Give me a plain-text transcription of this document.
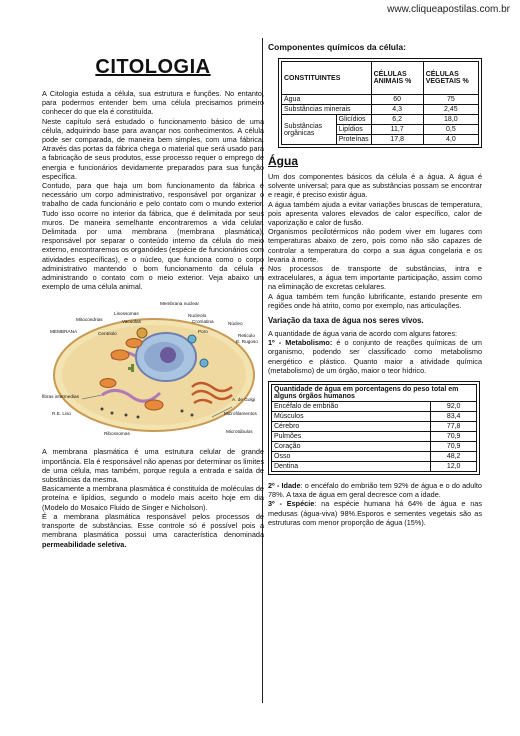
www.cliqueapostilas.com.br
CITOLOGIA

A Citologia estuda a célula, sua estrutura e funções. No entanto, para podermos entender bem uma célula precisamos primeiro conhecer do que ela é constituída.

Neste capítulo será estudado o funcionamento básico de uma célula, adquirindo base para avançar nos conhecimentos. A célula pode ser comparada, de maneira bem simples, com uma fábrica. Através das portas da fábrica chega o material que será usado para a fabricação de seus produtos, esse processo requer o emprego de energia e funcionários devidamente preparados para sua função específica.

Contudo, para que haja um bom funcionamento da fábrica é necessário um corpo administrativo, responsável por organizar o trabalho de cada funcionário e pelo contato com o mundo exterior. Tudo isso ocorre no interior da fábrica, que é delimitada por seus muros. De maneira semelhante encontraremos a vida celular. Delimitada por uma membrana (membrana plasmática), responsável por separar o conteúdo interno da célula do meio externo, encontraremos os organóides (espécie de funcionários com atividades específicas), e o núcleo, que funciona como o corpo administrativo mantendo o bom funcionamento da célula e administrando o contato com o meio exterior. Veja abaixo um exemplo de uma célula animal.

Membrana nuclear
Lisossomas	Nucleolo
Cromatina
Mitocondrias	Vacuolas	Núcleo
MEMBRANA	Centriolo	Poro
Reticulo
E. Rugoso
fibras intermedias
A. de Golgi
R.E. Liso	Microfilamentos
Ribossomas	Microtúbulos

A membrana plasmática é uma estrutura celular de grande importância. Ela é responsável não apenas por determinar os limites de uma célula, mas também, porque regula a entrada e saída de substâncias da mesma.

Basicamente a membrana plasmática é constituída de moléculas de proteína e lipídios, segundo o modelo mais aceito hoje em dia (Modelo do Mosaico Fluido de Singer e Nicholson).

É a membrana plasmática responsável pelos processos de transporte de substâncias. Esse controle só é possível pois a membrana plasmática possui uma característica denominada permeabilidade seletiva.

Componentes químicos da célula:
CONSTITUINTES		CÉLULAS ANIMAIS %	CÉLULAS VEGETAIS %
Água		60	75
Substâncias minerais		4,3	2,45
Substâncias orgânicas	Glicídios	6,2	18,0
	Lipídios	11,7	0,5
	Proteínas	17,8	4,0
Água

Um dos componentes básicos da célula é a água. A água é solvente universal; para que as substâncias possam se encontrar e reagir, é preciso existir água.

A água também ajuda a evitar variações bruscas de temperatura, pois apresenta valores elevados de calor específico, calor de vaporização e calor de fusão.

Organismos pecilotérmicos não podem viver em lugares com temperaturas abaixo de zero, pois como não são capazes de controlar a temperatura do corpo a sua água congelaria e os levaria à morte.

Nos processos de transporte de substâncias, intra e extracelulares, a água tem importante participação, assim como na eliminação de excretas celulares.

A água também tem função lubrificante, estando presente em regiões onde há atrito, como por exemplo, nas articulações.

Variação da taxa de água nos seres vivos.

A quantidade de água varia de acordo com alguns fatores:

1º - Metabolismo: é o conjunto de reações químicas de um organismo, podendo ser classificado como metabolismo energético e plástico. Quanto maior a atividade química (metabolismo) de um órgão, maior o teor hídrico.

Quantidade de água em porcentagens do peso total em alguns órgãos humanos	
Encéfalo de embrião	92,0
Músculos	83,4
Cérebro	77,8
Pulmões	70,9
Coração	70,9
Osso	48,2
Dentina	12,0

2º - Idade: o encéfalo do embrião tem 92% de água e o do adulto 78%. A taxa de água em geral decresce com a idade.

3º - Espécie: na espécie humana há 64% de água e nas medusas (água-viva) 98%.Esporos e sementes vegetais são as estruturas com menor proporção de água (15%).
